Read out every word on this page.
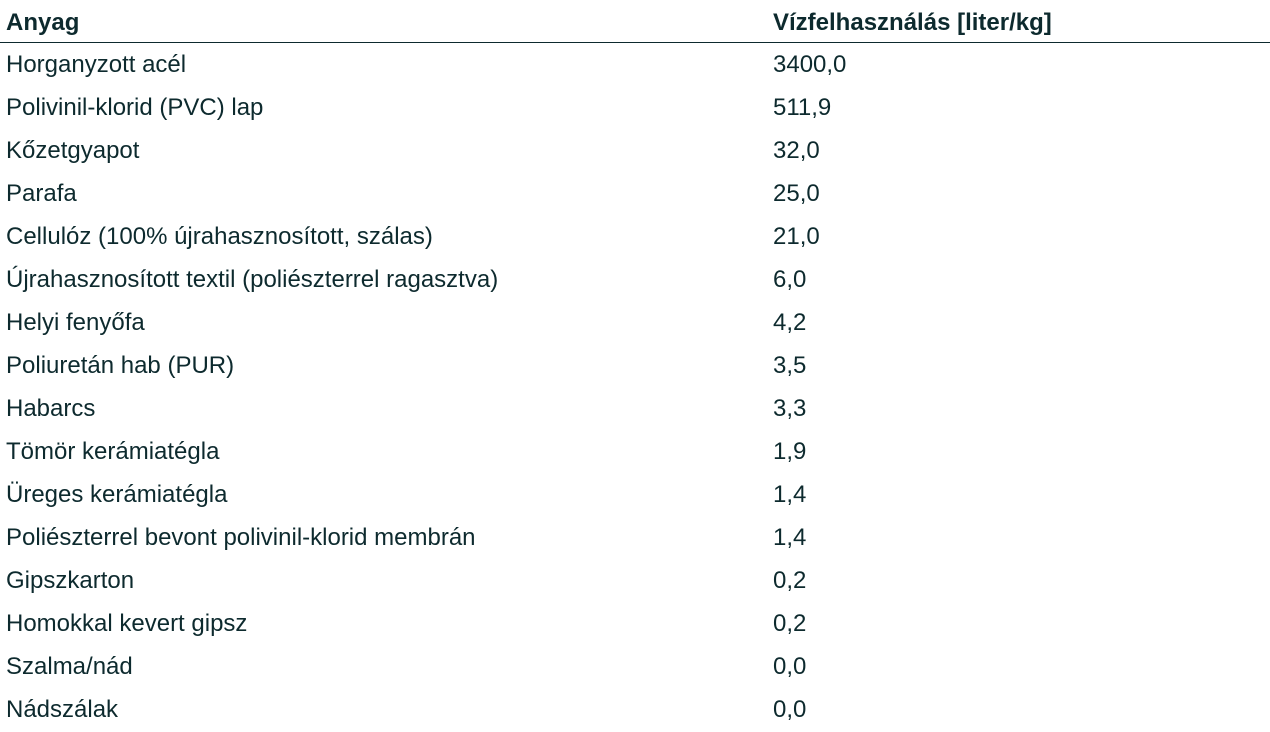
Anyag	Vízfelhasználás [liter/kg]
Horganyzott acél	3400,0
Polivinil-klorid (PVC) lap	511,9
Kőzetgyapot	32,0
Parafa	25,0
Cellulóz (100% újrahasznosított, szálas)	21,0
Újrahasznosított textil (poliészterrel ragasztva)	6,0
Helyi fenyőfa	4,2
Poliuretán hab (PUR)	3,5
Habarcs	3,3
Tömör kerámiatégla	1,9
Üreges kerámiatégla	1,4
Poliészterrel bevont polivinil-klorid membrán	1,4
Gipszkarton	0,2
Homokkal kevert gipsz	0,2
Szalma/nád	0,0
Nádszálak	0,0
